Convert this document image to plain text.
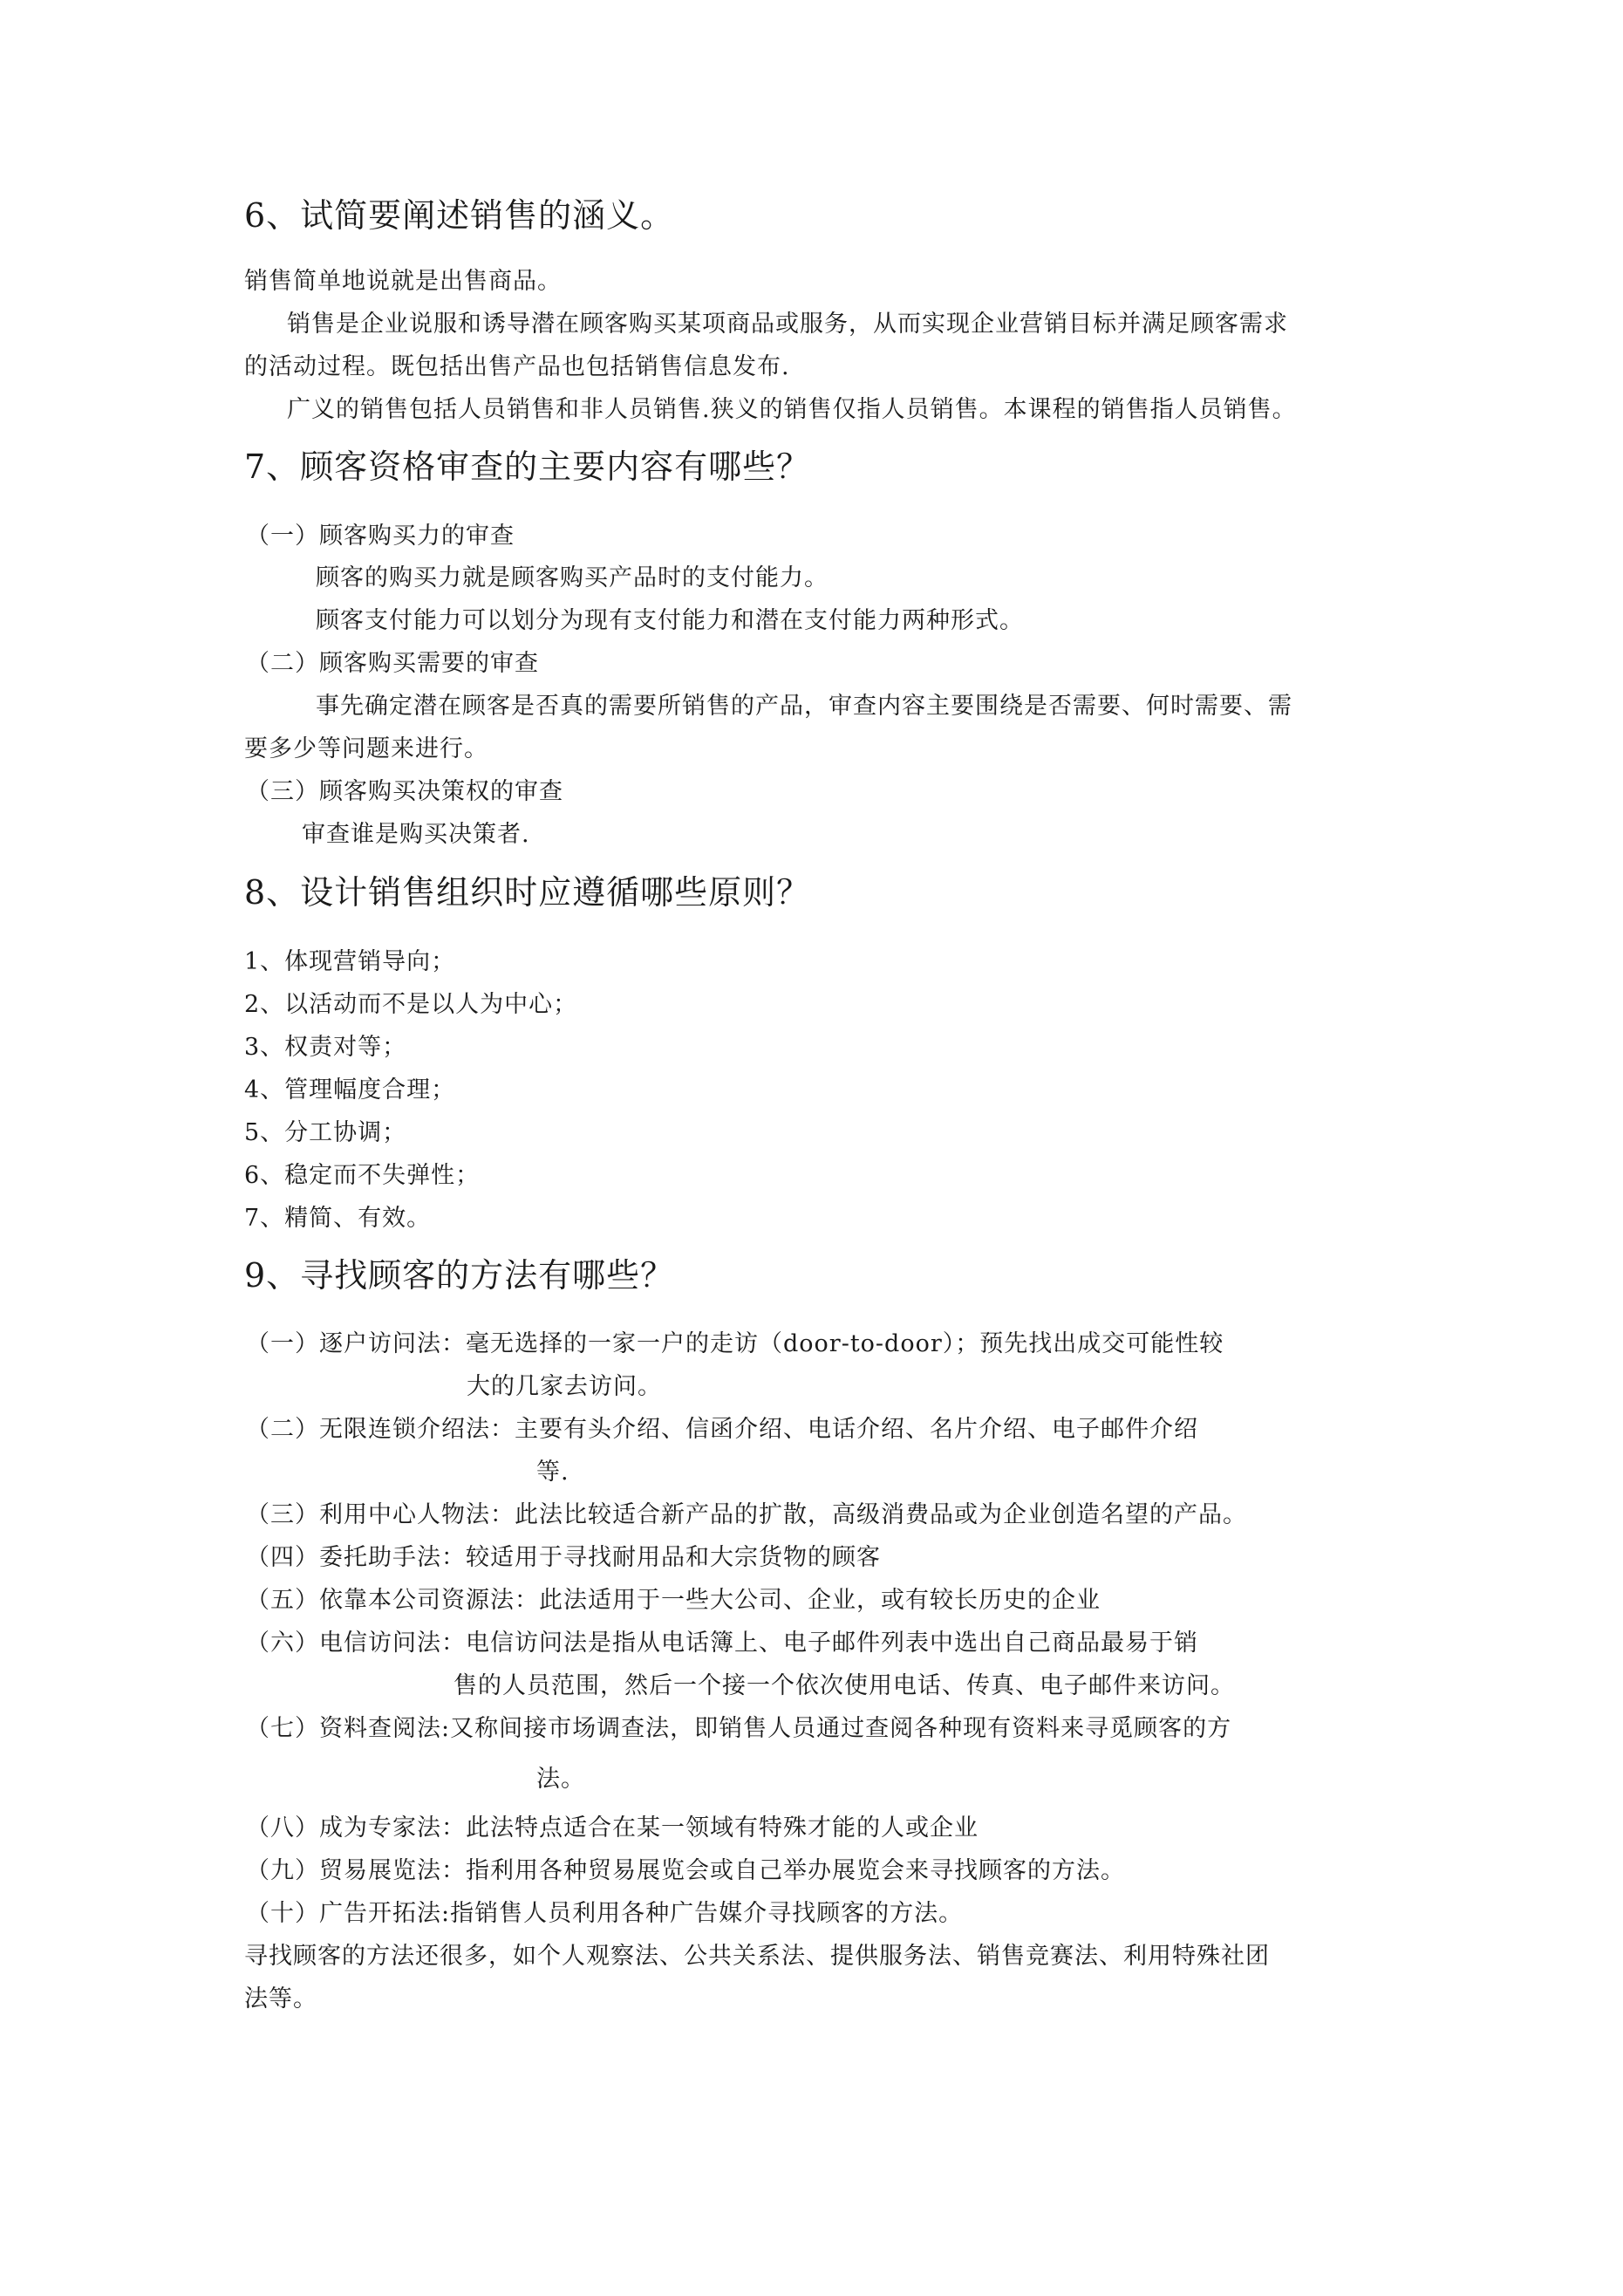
6、试简要阐述销售的涵义。
销售简单地说就是出售商品。
销售是企业说服和诱导潜在顾客购买某项商品或服务，从而实现企业营销目标并满足顾客需求
的活动过程。既包括出售产品也包括销售信息发布.
广义的销售包括人员销售和非人员销售.狭义的销售仅指人员销售。本课程的销售指人员销售。
7、顾客资格审查的主要内容有哪些？
（一）顾客购买力的审查
顾客的购买力就是顾客购买产品时的支付能力。
顾客支付能力可以划分为现有支付能力和潜在支付能力两种形式。
（二）顾客购买需要的审查
事先确定潜在顾客是否真的需要所销售的产品，审查内容主要围绕是否需要、何时需要、需
要多少等问题来进行。
（三）顾客购买决策权的审查
审查谁是购买决策者.
8、设计销售组织时应遵循哪些原则？
1、体现营销导向；
2、以活动而不是以人为中心；
3、权责对等；
4、管理幅度合理；
5、分工协调；
6、稳定而不失弹性；
7、精简、有效。
9、寻找顾客的方法有哪些？
（一）逐户访问法：毫无选择的一家一户的走访（door-to-door）；预先找出成交可能性较
大的几家去访问。
（二）无限连锁介绍法：主要有头介绍、信函介绍、电话介绍、名片介绍、电子邮件介绍
等.
（三）利用中心人物法：此法比较适合新产品的扩散，高级消费品或为企业创造名望的产品。
（四）委托助手法：较适用于寻找耐用品和大宗货物的顾客
（五）依靠本公司资源法：此法适用于一些大公司、企业，或有较长历史的企业
（六）电信访问法：电信访问法是指从电话簿上、电子邮件列表中选出自己商品最易于销
售的人员范围，然后一个接一个依次使用电话、传真、电子邮件来访问。
（七）资料查阅法:又称间接市场调查法，即销售人员通过查阅各种现有资料来寻觅顾客的方
法。
（八）成为专家法：此法特点适合在某一领域有特殊才能的人或企业
（九）贸易展览法：指利用各种贸易展览会或自己举办展览会来寻找顾客的方法。
（十）广告开拓法:指销售人员利用各种广告媒介寻找顾客的方法。
寻找顾客的方法还很多，如个人观察法、公共关系法、提供服务法、销售竞赛法、利用特殊社团
法等。
